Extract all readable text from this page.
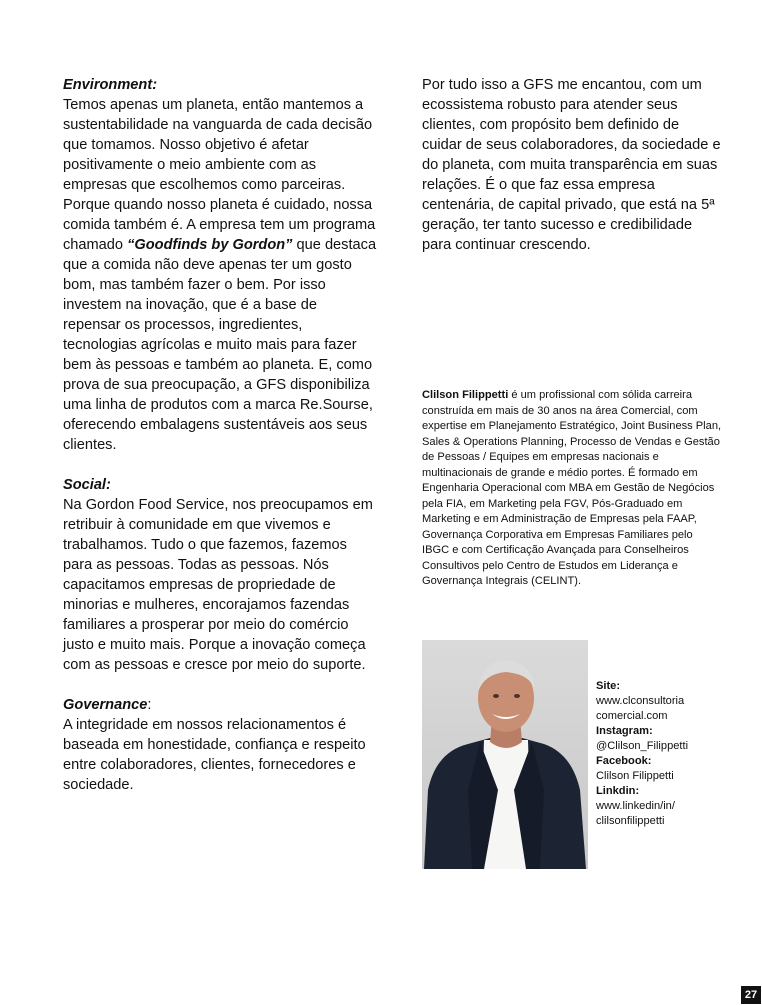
Environment:

Temos apenas um planeta, então mantemos a sustentabilidade na vanguarda de cada decisão que tomamos. Nosso objetivo é afetar positivamente o meio ambiente com as empresas que escolhemos como parceiras. Porque quando nosso planeta é cuidado, nossa comida também é. A empresa tem um programa chamado “Goodfinds by Gordon” que destaca que a comida não deve apenas ter um gosto bom, mas também fazer o bem. Por isso investem na inovação, que é a base de repensar os processos, ingredientes, tecnologias agrícolas e muito mais para fazer bem às pessoas e também ao planeta. E, como prova de sua preocupação, a GFS disponibiliza uma linha de produtos com a marca Re.Sourse, oferecendo embalagens sustentáveis aos seus clientes.

Social:

Na Gordon Food Service, nos preocupamos em retribuir à comunidade em que vivemos e trabalhamos. Tudo o que fazemos, fazemos para as pessoas. Todas as pessoas. Nós capacitamos empresas de propriedade de minorias e mulheres, encorajamos fazendas familiares a prosperar por meio do comércio justo e muito mais. Porque a inovação começa com as pessoas e cresce por meio do suporte.

Governance:

A integridade em nossos relacionamentos é baseada em honestidade, confiança e respeito entre colaboradores, clientes, fornecedores e sociedade.

Por tudo isso a GFS me encantou, com um ecossistema robusto para atender seus clientes, com propósito bem definido de cuidar de seus colaboradores, da sociedade e do planeta, com muita transparência em suas relações. É o que faz essa empresa centenária, de capital privado, que está na 5ª geração, ter tanto sucesso e credibilidade para continuar crescendo.

Clilson Filippetti é um profissional com sólida carreira construída em mais de 30 anos na área Comercial, com expertise em Planejamento Estratégico, Joint Business Plan, Sales & Operations Planning, Processo de Vendas e Gestão de Pessoas / Equipes em empresas nacionais e multinacionais de grande e médio portes. É formado em Engenharia Operacional com MBA em Gestão de Negócios pela FIA, em Marketing pela FGV, Pós-Graduado em Marketing e em Administração de Empresas pela FAAP, Governança Corporativa em Empresas Familiares pelo IBGC e com Certificação Avançada para Conselheiros Consultivos pelo Centro de Estudos em Liderança e Governança Integrais (CELINT).

Site:
www.clconsultoria
comercial.com
Instagram:
@Clilson_Filippetti
Facebook:
Clilson Filippetti
Linkdin:
www.linkedin/in/
clilsonfilippetti
27
